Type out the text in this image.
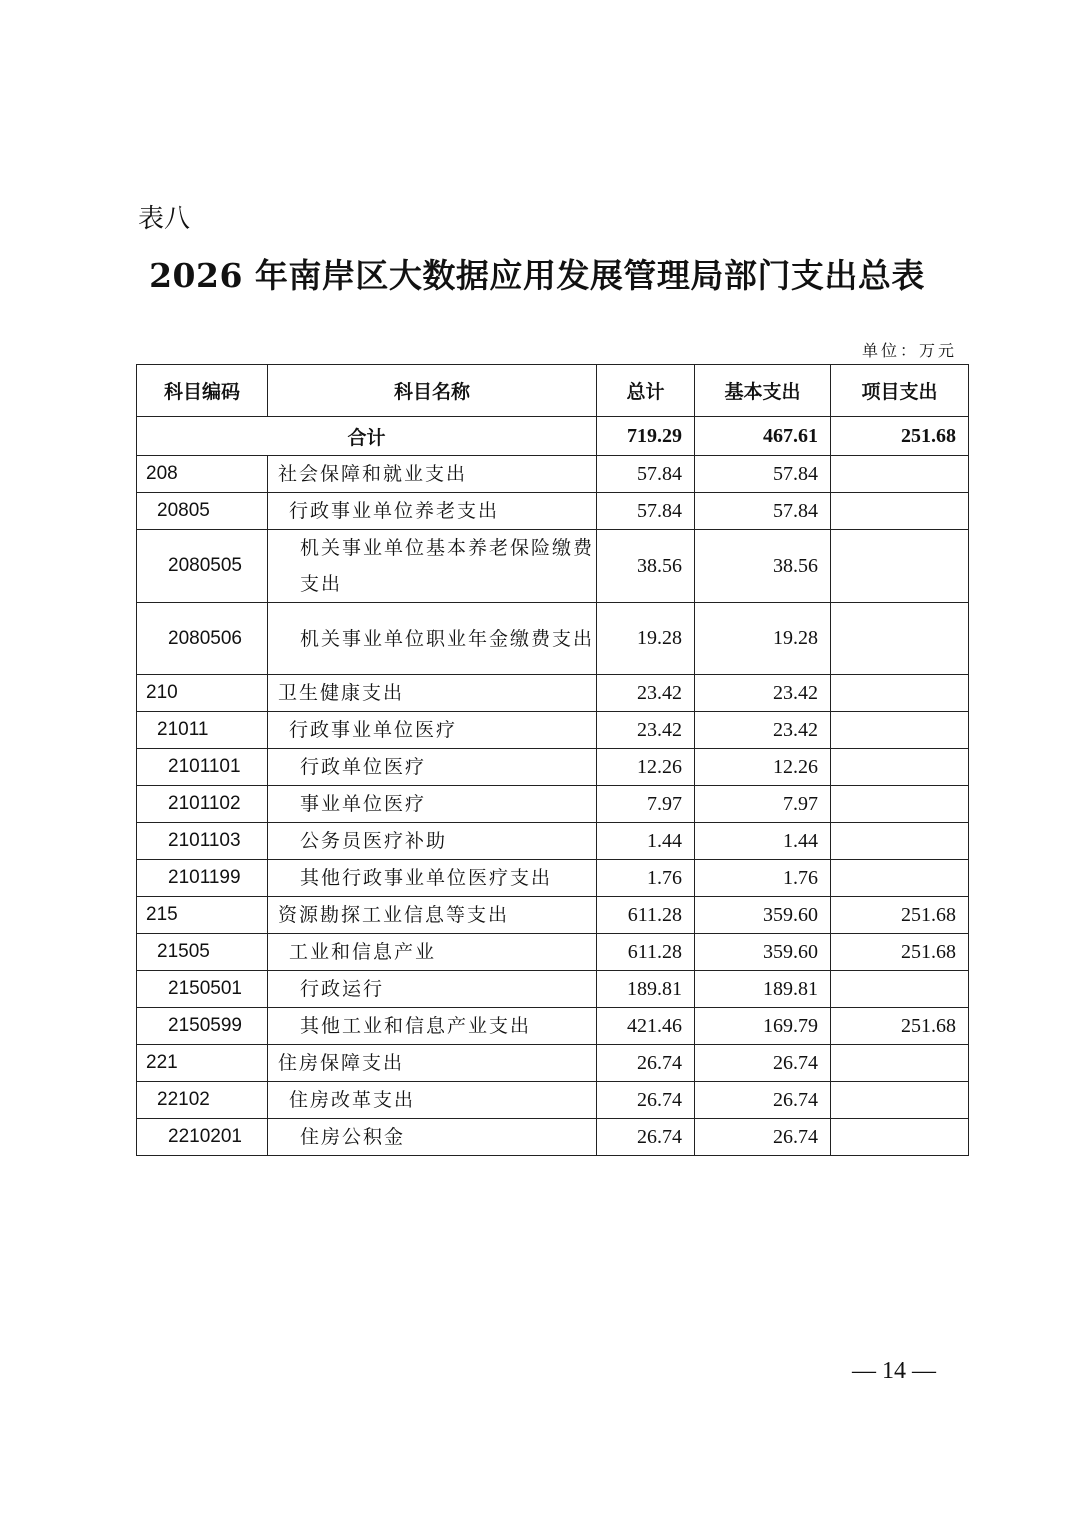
表八
2026 年南岸区大数据应用发展管理局部门支出总表
单位：万元
科目编码	科目名称	总计	基本支出	项目支出
合计		719.29	467.61	251.68
208	社会保障和就业支出	57.84	57.84	
20805	行政事业单位养老支出	57.84	57.84	
2080505	机关事业单位基本养老保险缴费支出	38.56	38.56	
2080506	机关事业单位职业年金缴费支出	19.28	19.28	
210	卫生健康支出	23.42	23.42	
21011	行政事业单位医疗	23.42	23.42	
2101101	行政单位医疗	12.26	12.26	
2101102	事业单位医疗	7.97	7.97	
2101103	公务员医疗补助	1.44	1.44	
2101199	其他行政事业单位医疗支出	1.76	1.76	
215	资源勘探工业信息等支出	611.28	359.60	251.68
21505	工业和信息产业	611.28	359.60	251.68
2150501	行政运行	189.81	189.81	
2150599	其他工业和信息产业支出	421.46	169.79	251.68
221	住房保障支出	26.74	26.74	
22102	住房改革支出	26.74	26.74	
2210201	住房公积金	26.74	26.74	
— 14 —
